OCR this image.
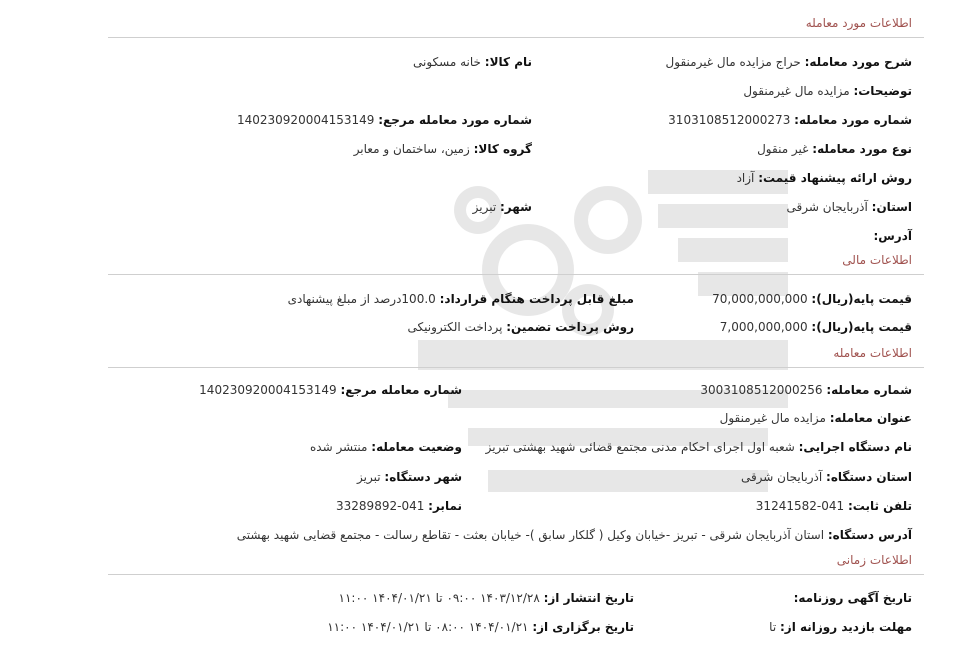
اطلاعات مورد معامله
شرح مورد معامله: حراج مزایده مال غیرمنقول
نام کالا: خانه مسکونی
توضیحات: مزایده مال غیرمنقول
شماره مورد معامله: 3103108512000273
شماره مورد معامله مرجع: 140230920004153149
نوع مورد معامله: غیر منقول
گروه کالا: زمین، ساختمان و معابر
روش ارائه پیشنهاد قیمت: آزاد
استان: آذربایجان شرقی
شهر: تبریز
آدرس:
اطلاعات مالی
قیمت پایه(ریال): 70,000,000,000
مبلغ قابل پرداخت هنگام قرارداد: 100.0درصد از مبلغ پیشنهادی
قیمت پایه(ریال): 7,000,000,000
روش پرداخت تضمین: پرداخت الکترونیکی
اطلاعات معامله
شماره معامله: 3003108512000256
شماره معامله مرجع: 140230920004153149
عنوان معامله: مزایده مال غیرمنقول
نام دستگاه اجرایی: شعبه اول اجرای احکام مدنی مجتمع قضائی شهید بهشتی تبریز
وضعیت معامله: منتشر شده
استان دستگاه: آذربایجان شرقی
شهر دستگاه: تبریز
تلفن ثابت: 041-31241582
نمابر: 041-33289892
آدرس دستگاه: استان آذربایجان شرقی - تبریز -خیابان وکیل ( گلکار سابق )- خیابان بعثت - تقاطع رسالت - مجتمع قضایی شهید بهشتی
اطلاعات زمانی
تاریخ آگهی روزنامه:
تاریخ انتشار از: ۱۴۰۳/۱۲/۲۸ ۰۹:۰۰ تا ۱۴۰۴/۰۱/۲۱ ۱۱:۰۰
مهلت بازدید روزانه از: تا
تاریخ برگزاری از: ۱۴۰۴/۰۱/۲۱ ۰۸:۰۰ تا ۱۴۰۴/۰۱/۲۱ ۱۱:۰۰
